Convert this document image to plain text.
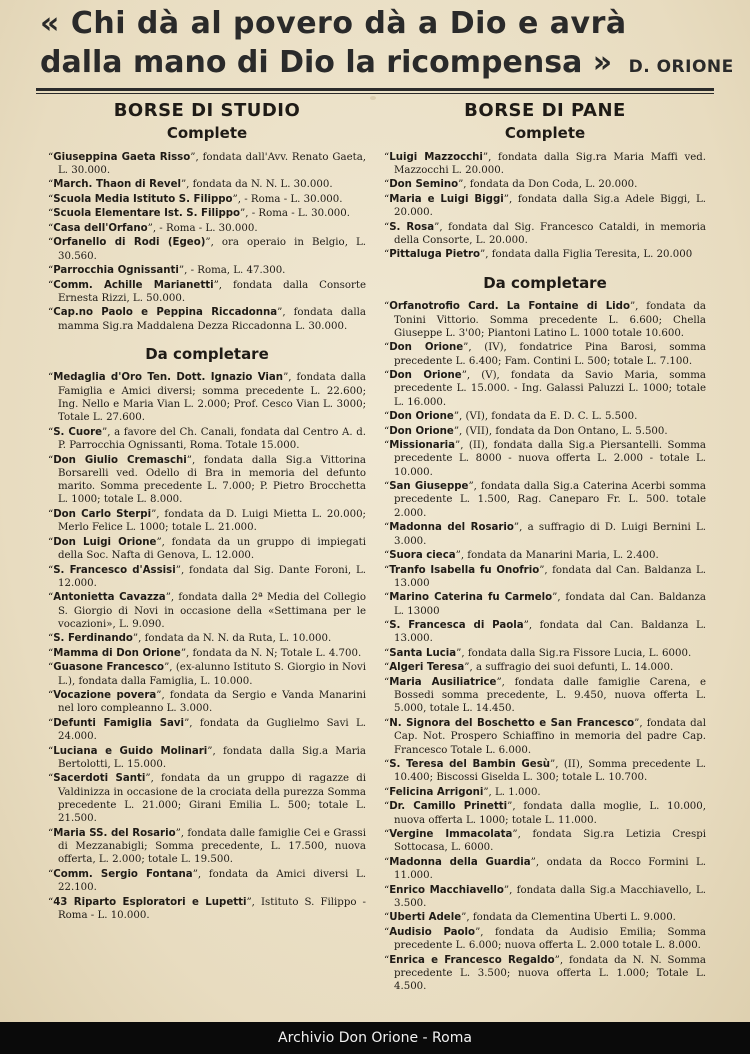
« Chi dà al povero dà a Dio e avrà
dalla mano di Dio la ricompensa » D. ORIONE
BORSE DI STUDIO
Complete
“Giuseppina Gaeta Risso”, fondata dall'Avv. Renato Gaeta, L. 30.000.
“March. Thaon di Revel”, fondata da N. N. L. 30.000.
“Scuola Media Istituto S. Filippo”, - Roma - L. 30.000.
“Scuola Elementare Ist. S. Filippo”, - Roma - L. 30.000.
“Casa dell'Orfano”, - Roma - L. 30.000.
“Orfanello di Rodi (Egeo)”, ora operaio in Belgio, L. 30.560.
“Parrocchia Ognissanti”, - Roma, L. 47.300.
“Comm. Achille Marianetti”, fondata dalla Consorte Ernesta Rizzi, L. 50.000.
“Cap.no Paolo e Peppina Riccadonna”, fondata dalla mamma Sig.ra Maddalena Dezza Riccadonna L. 30.000.
Da completare
“Medaglia d'Oro Ten. Dott. Ignazio Vian”, fondata dalla Famiglia e Amici diversi; somma precedente L. 22.600; Ing. Nello e Maria Vian L. 2.000; Prof. Cesco Vian L. 3000; Totale L. 27.600.
“S. Cuore”, a favore del Ch. Canali, fondata dal Centro A. d. P. Parrocchia Ognissanti, Roma. Totale 15.000.
“Don Giulio Cremaschi”, fondata dalla Sig.a Vittorina Borsarelli ved. Odello di Bra in memoria del defunto marito. Somma precedente L. 7.000; P. Pietro Brocchetta L. 1000; totale L. 8.000.
“Don Carlo Sterpi”, fondata da D. Luigi Mietta L. 20.000; Merlo Felice L. 1000; totale L. 21.000.
“Don Luigi Orione”, fondata da un gruppo di impiegati della Soc. Nafta di Genova, L. 12.000.
“S. Francesco d'Assisi”, fondata dal Sig. Dante Foroni, L. 12.000.
“Antonietta Cavazza”, fondata dalla 2ª Media del Collegio S. Giorgio di Novi in occasione della «Settimana per le vocazioni», L. 9.090.
“S. Ferdinando”, fondata da N. N. da Ruta, L. 10.000.
“Mamma di Don Orione”, fondata da N. N; Totale L. 4.700.
“Guasone Francesco”, (ex-alunno Istituto S. Giorgio in Novi L.), fondata dalla Famiglia, L. 10.000.
“Vocazione povera”, fondata da Sergio e Vanda Manarini nel loro compleanno L. 3.000.
“Defunti Famiglia Savi”, fondata da Guglielmo Savi L. 24.000.
“Luciana e Guido Molinari”, fondata dalla Sig.a Maria Bertolotti, L. 15.000.
“Sacerdoti Santi”, fondata da un gruppo di ragazze di Valdinizza in occasione de la crociata della purezza Somma precedente L. 21.000; Girani Emilia L. 500; totale L. 21.500.
“Maria SS. del Rosario”, fondata dalle famiglie Cei e Grassi di Mezzanabigli; Somma precedente, L. 17.500, nuova offerta, L. 2.000; totale L. 19.500.
“Comm. Sergio Fontana”, fondata da Amici diversi L. 22.100.
“43 Riparto Esploratori e Lupetti”, Istituto S. Filippo - Roma - L. 10.000.
BORSE DI PANE
Complete
“Luigi Mazzocchi”, fondata dalla Sig.ra Maria Maffi ved. Mazzocchi L. 20.000.
“Don Semino”, fondata da Don Coda, L. 20.000.
“Maria e Luigi Biggi”, fondata dalla Sig.a Adele Biggi, L. 20.000.
“S. Rosa”, fondata dal Sig. Francesco Cataldi, in memoria della Consorte, L. 20.000.
“Pittaluga Pietro”, fondata dalla Figlia Teresita, L. 20.000
Da completare
“Orfanotrofio Card. La Fontaine di Lido”, fondata da Tonini Vittorio. Somma precedente L. 6.600; Chella Giuseppe L. 3'00; Piantoni Latino L. 1000 totale 10.600.
“Don Orione”, (IV), fondatrice Pina Barosi, somma precedente L. 6.400; Fam. Contini L. 500; totale L. 7.100.
“Don Orione”, (V), fondata da Savio Maria, somma precedente L. 15.000. - Ing. Galassi Paluzzi L. 1000; totale L. 16.000.
“Don Orione”, (VI), fondata da E. D. C. L. 5.500.
“Don Orione”, (VII), fondata da Don Ontano, L. 5.500.
“Missionaria”, (II), fondata dalla Sig.a Piersantelli. Somma precedente L. 8000 - nuova offerta L. 2.000 - totale L. 10.000.
“San Giuseppe”, fondata dalla Sig.a Caterina Acerbi somma precedente L. 1.500, Rag. Caneparo Fr. L. 500. totale 2.000.
“Madonna del Rosario”, a suffragio di D. Luigi Bernini L. 3.000.
“Suora cieca”, fondata da Manarini Maria, L. 2.400.
“Tranfo Isabella fu Onofrio”, fondata dal Can. Baldanza L. 13.000
“Marino Caterina fu Carmelo”, fondata dal Can. Baldanza L. 13000
“S. Francesca di Paola”, fondata dal Can. Baldanza L. 13.000.
“Santa Lucia”, fondata dalla Sig.ra Fissore Lucia, L. 6000.
“Algeri Teresa”, a suffragio dei suoi defunti, L. 14.000.
“Maria Ausiliatrice”, fondata dalle famiglie Carena, e Bossedi somma precedente, L. 9.450, nuova offerta L. 5.000, totale L. 14.450.
“N. Signora del Boschetto e San Francesco”, fondata dal Cap. Not. Prospero Schiaffino in memoria del padre Cap. Francesco Totale L. 6.000.
“S. Teresa del Bambin Gesù”, (II), Somma precedente L. 10.400; Biscossi Giselda L. 300; totale L. 10.700.
“Felicina Arrigoni”, L. 1.000.
“Dr. Camillo Prinetti”, fondata dalla moglie, L. 10.000, nuova offerta L. 1000; totale L. 11.000.
“Vergine Immacolata”, fondata Sig.ra Letizia Crespi Sottocasa, L. 6000.
“Madonna della Guardia”, ondata da Rocco Formini L. 11.000.
“Enrico Macchiavello”, fondata dalla Sig.a Macchiavello, L. 3.500.
“Uberti Adele”, fondata da Clementina Uberti L. 9.000.
“Audisio Paolo”, fondata da Audisio Emilia; Somma precedente L. 6.000; nuova offerta L. 2.000 totale L. 8.000.
“Enrica e Francesco Regaldo”, fondata da N. N. Somma precedente L. 3.500; nuova offerta L. 1.000; Totale L. 4.500.
Archivio Don Orione - Roma
